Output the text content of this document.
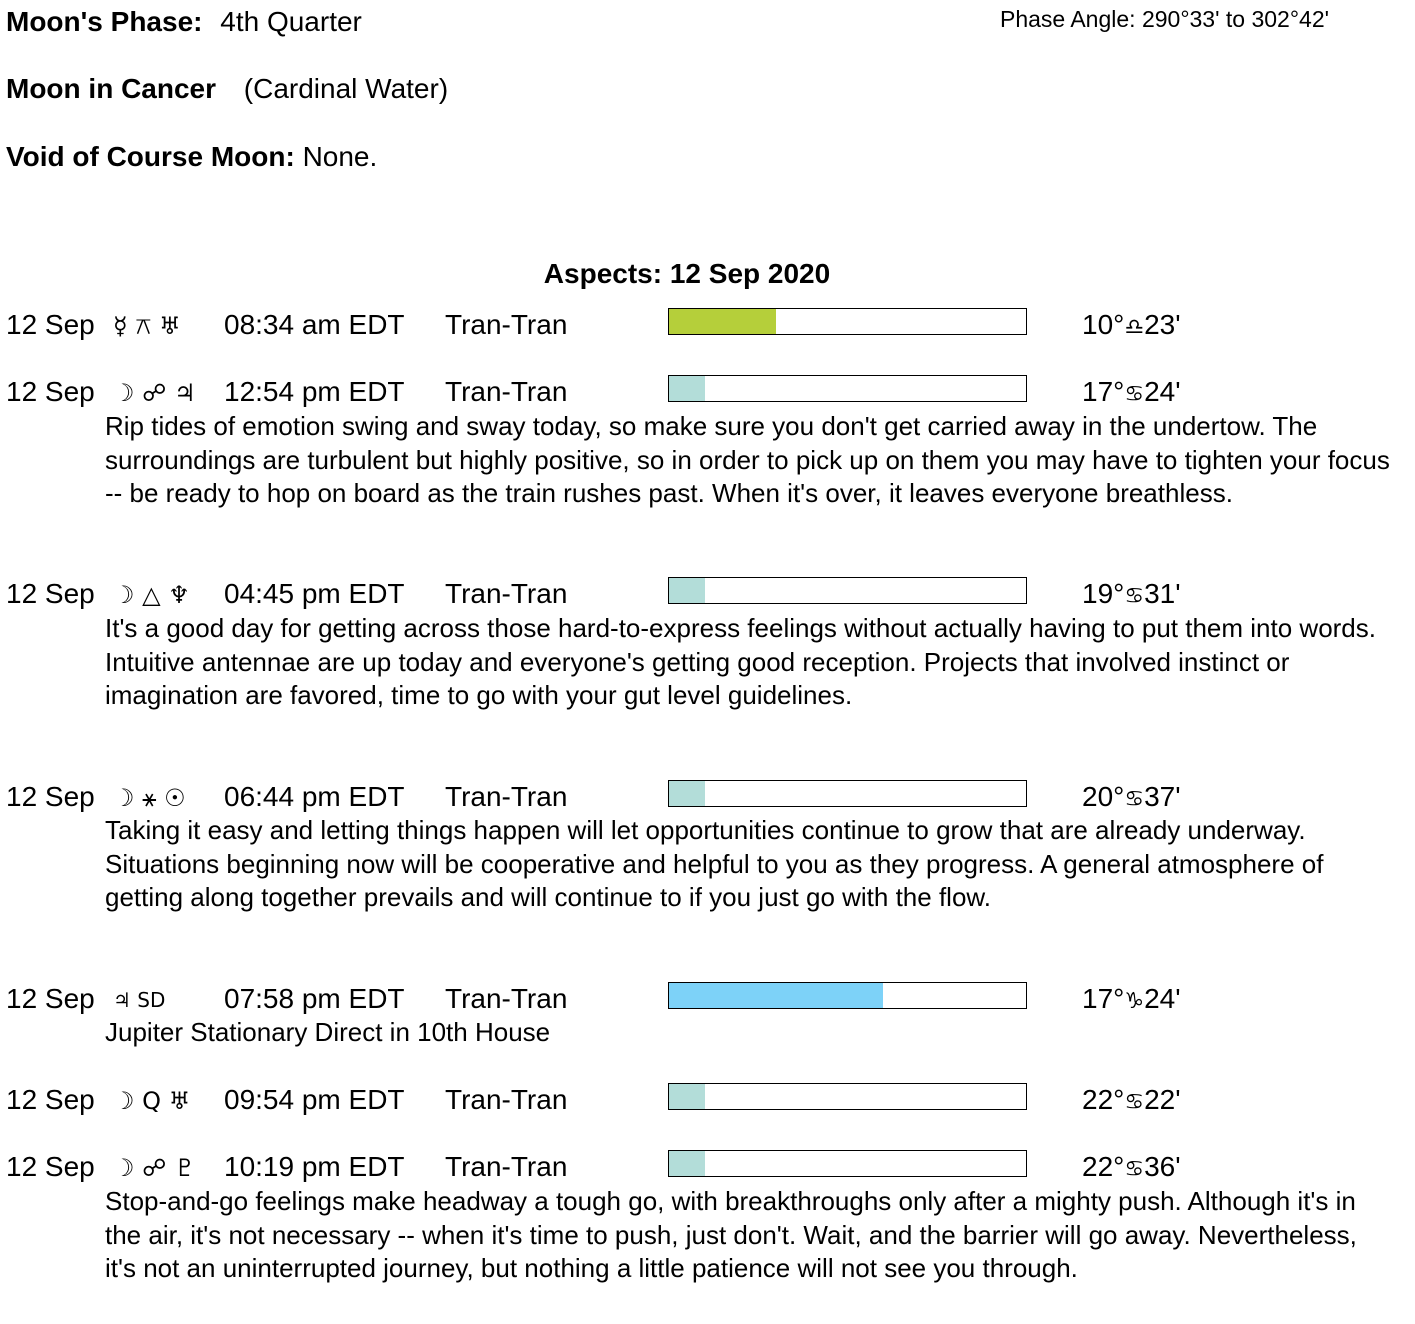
Moon's Phase: 4th Quarter	Phase Angle: 290°33' to 302°42'
Moon in Cancer (Cardinal Water)
Void of Course Moon: None.
Aspects: 12 Sep 2020
12 Sep ☿ ⚻ ♅ 08:34 am EDT Tran-Tran	10°♎23'
12 Sep ☽ ☍ ♃ 12:54 pm EDT Tran-Tran	17°♋24'
Rip tides of emotion swing and sway today, so make sure you don't get carried away in the undertow. The surroundings are turbulent but highly positive, so in order to pick up on them you may have to tighten your focus -- be ready to hop on board as the train rushes past. When it's over, it leaves everyone breathless.
12 Sep ☽ △ ♆ 04:45 pm EDT Tran-Tran	19°♋31'
It's a good day for getting across those hard-to-express feelings without actually having to put them into words. Intuitive antennae are up today and everyone's getting good reception. Projects that involved instinct or imagination are favored, time to go with your gut level guidelines.
12 Sep ☽ ⚹ ☉ 06:44 pm EDT Tran-Tran	20°♋37'
Taking it easy and letting things happen will let opportunities continue to grow that are already underway. Situations beginning now will be cooperative and helpful to you as they progress. A general atmosphere of getting along together prevails and will continue to if you just go with the flow.
12 Sep ♃ SD 07:58 pm EDT Tran-Tran	17°♑24'
Jupiter Stationary Direct in 10th House
12 Sep ☽ Q ♅ 09:54 pm EDT Tran-Tran	22°♋22'
12 Sep ☽ ☍ ♇ 10:19 pm EDT Tran-Tran	22°♋36'
Stop-and-go feelings make headway a tough go, with breakthroughs only after a mighty push. Although it's in the air, it's not necessary -- when it's time to push, just don't. Wait, and the barrier will go away. Nevertheless, it's not an uninterrupted journey, but nothing a little patience will not see you through.
